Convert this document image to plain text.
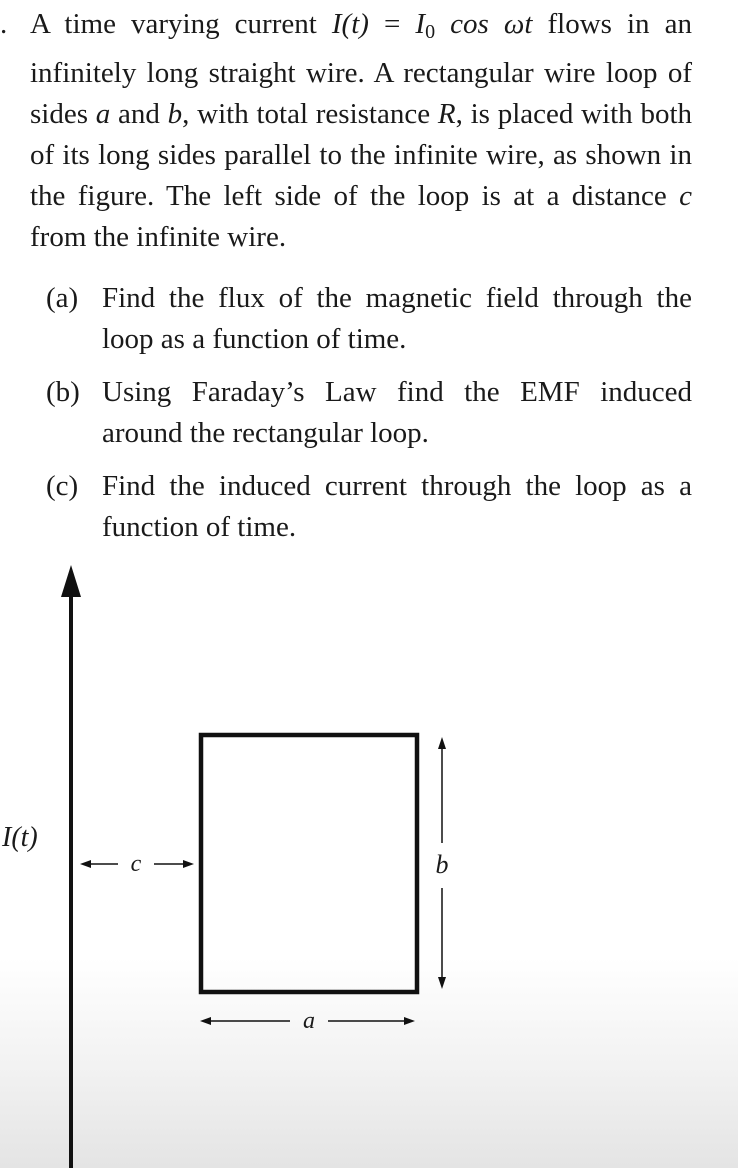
. A time varying current $I(t) = I_0$ cos ωt flows in an infinitely long straight wire. A rectangular wire loop of sides a and b, with total resistance R, is placed with both of its long sides parallel to the infinite wire, as shown in the figure. The left side of the loop is at a distance c from the infinite wire.

(a) Find the flux of the magnetic field through the loop as a function of time.
(b) Using Faraday’s Law find the EMF induced around the rectangular loop.
(c) Find the induced current through the loop as a function of time.
I(t)
c
a
b
